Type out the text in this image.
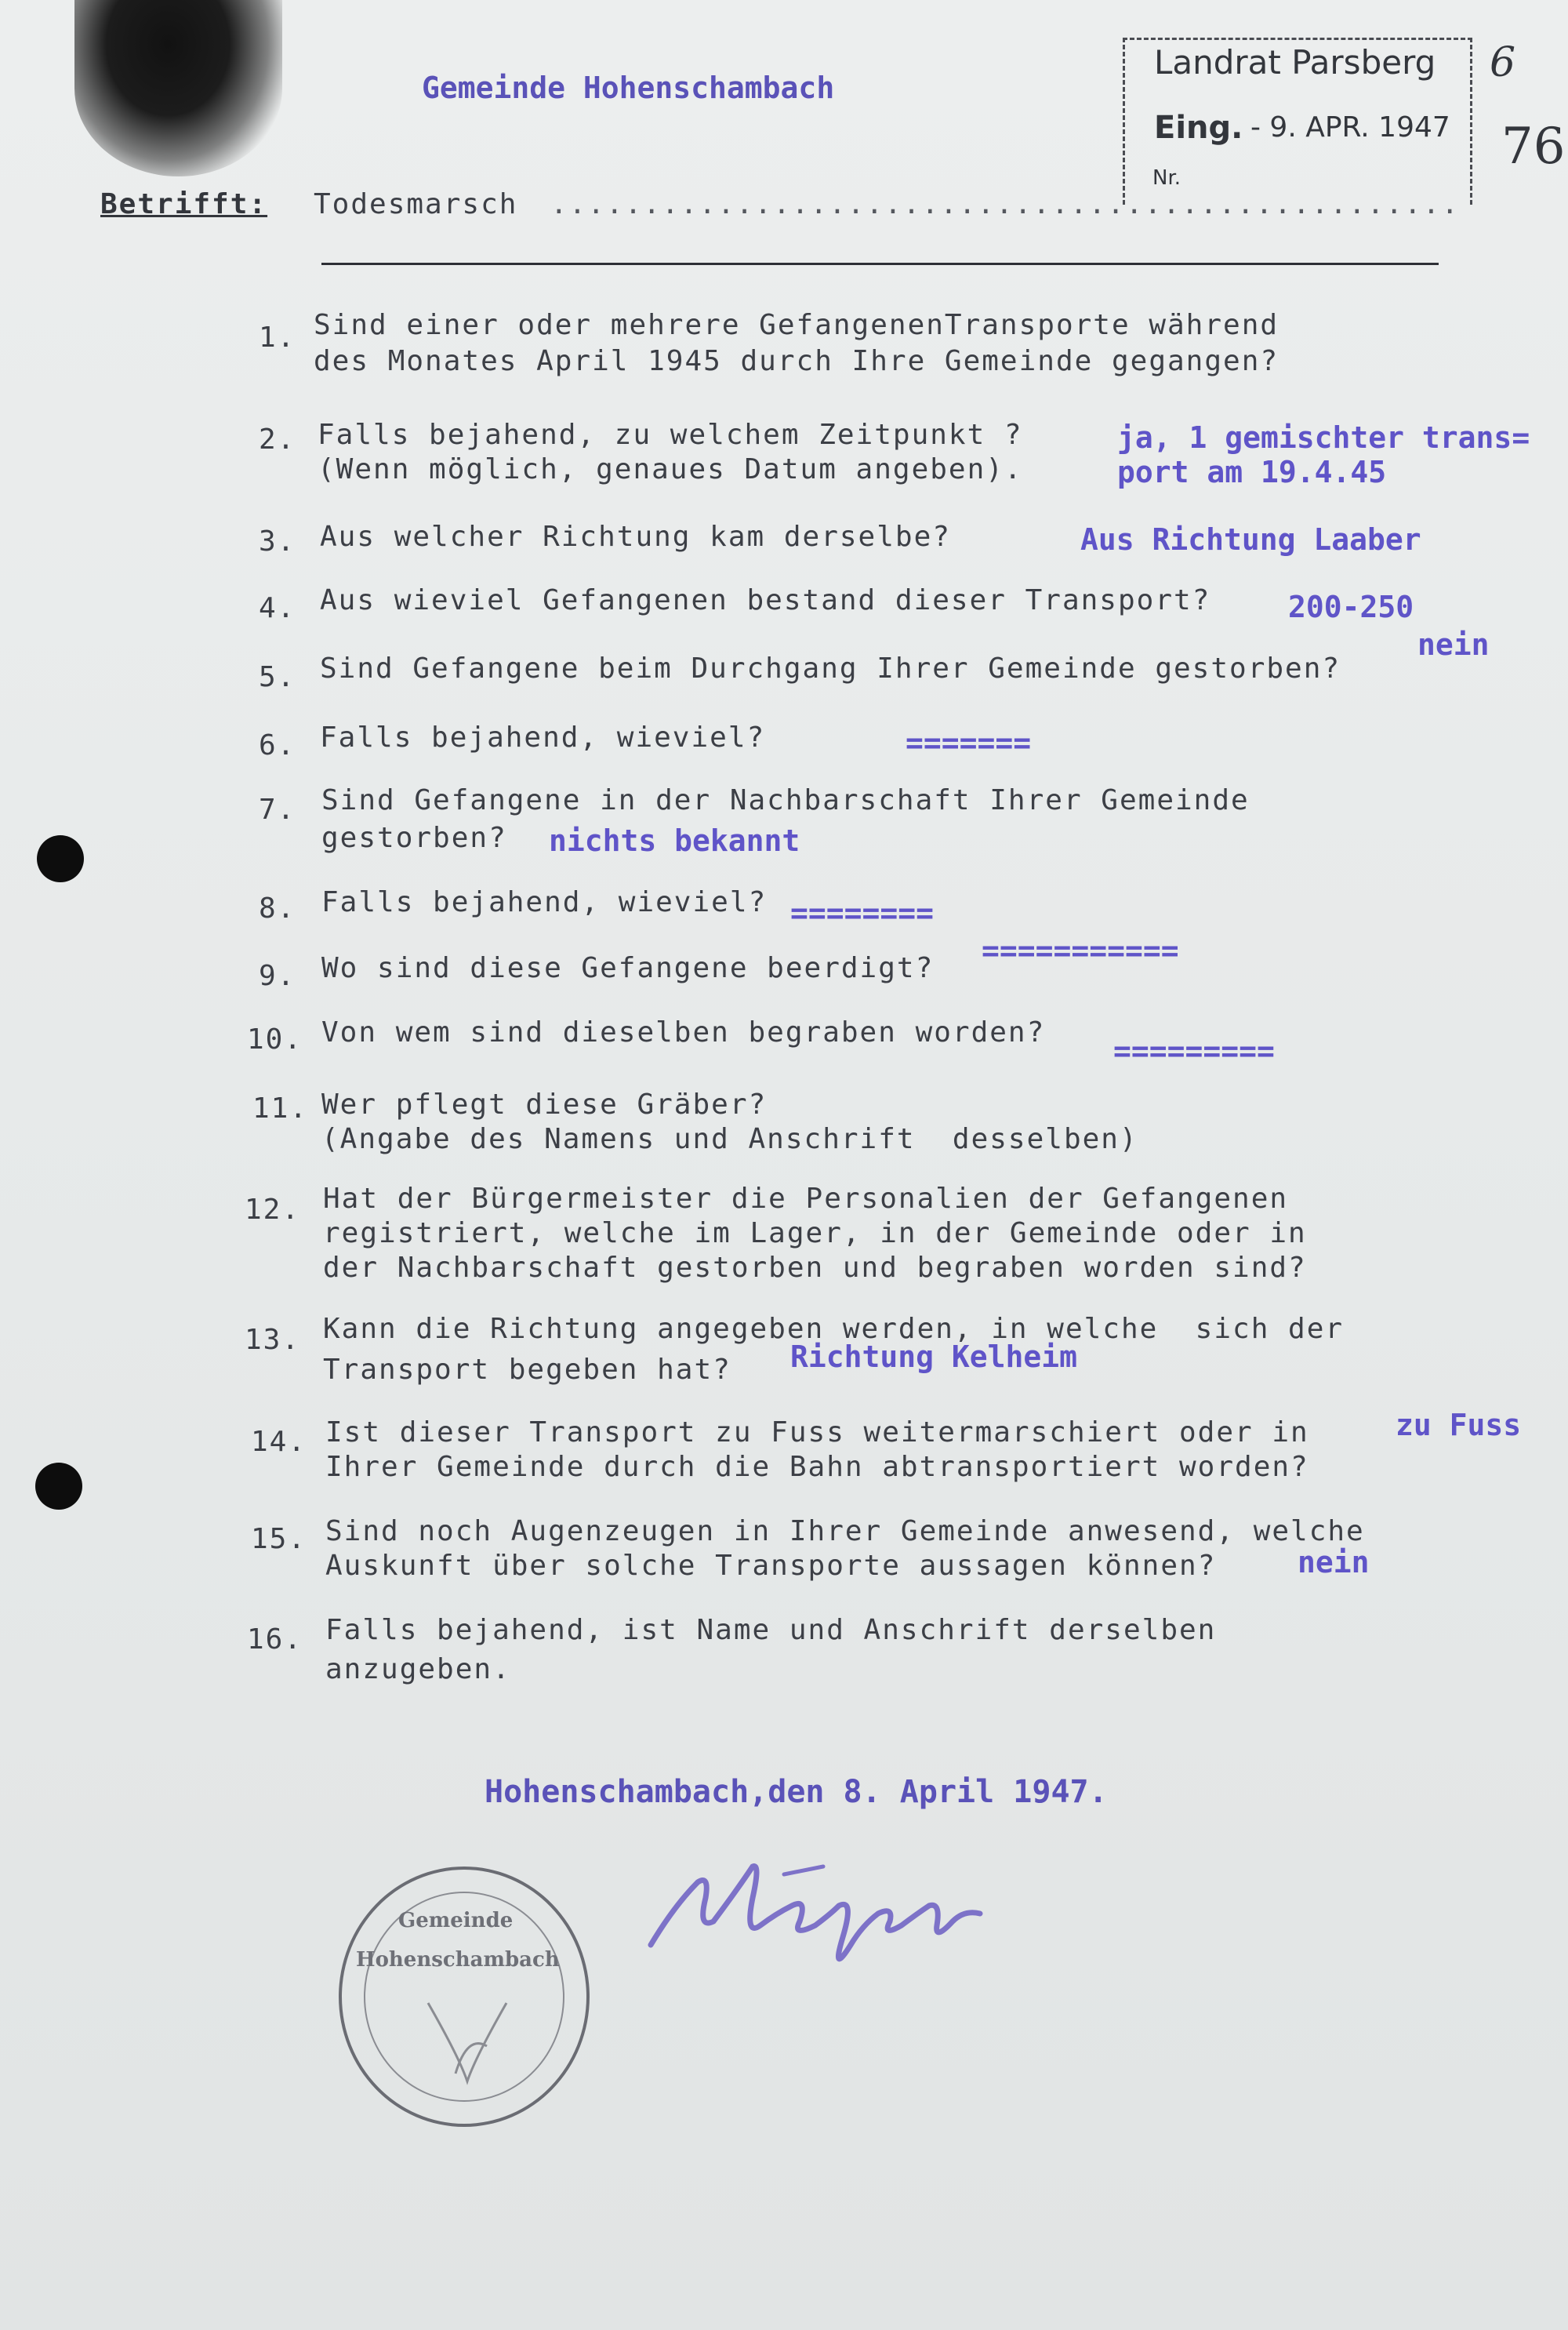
Gemeinde Hohenschambach
Betrifft: Todesmarsch .................................................
Landrat Parsberg
Eing. - 9. APR. 1947
Nr.
6
76
1. Sind einer oder mehrere GefangenenTransporte während
des Monates April 1945 durch Ihre Gemeinde gegangen?
2. Falls bejahend, zu welchem Zeitpunkt ?
(Wenn möglich, genaues Datum angeben).
ja, 1 gemischter trans=
port am 19.4.45
3. Aus welcher Richtung kam derselbe?	Aus Richtung Laaber
4. Aus wieviel Gefangenen bestand dieser Transport?	200-250
5. Sind Gefangene beim Durchgang Ihrer Gemeinde gestorben?
nein
6. Falls bejahend, wieviel?	=======
7. Sind Gefangene in der Nachbarschaft Ihrer Gemeinde
gestorben? nichts bekannt
8. Falls bejahend, wieviel? ========
9. Wo sind diese Gefangene beerdigt?
===========
10. Von wem sind dieselben begraben worden?
=========
11. Wer pflegt diese Gräber?
(Angabe des Namens und Anschrift  desselben)
12. Hat der Bürgermeister die Personalien der Gefangenen
registriert, welche im Lager, in der Gemeinde oder in
der Nachbarschaft gestorben und begraben worden sind?
13. Kann die Richtung angegeben werden, in welche  sich der
Transport begeben hat? Richtung Kelheim
14. Ist dieser Transport zu Fuss weitermarschiert oder in
Ihrer Gemeinde durch die Bahn abtransportiert worden?
zu Fuss
15. Sind noch Augenzeugen in Ihrer Gemeinde anwesend, welche
Auskunft über solche Transporte aussagen können?	nein
16. Falls bejahend, ist Name und Anschrift derselben
anzugeben.
Hohenschambach,den 8. April 1947.
Gemeinde
Hohenschambach
